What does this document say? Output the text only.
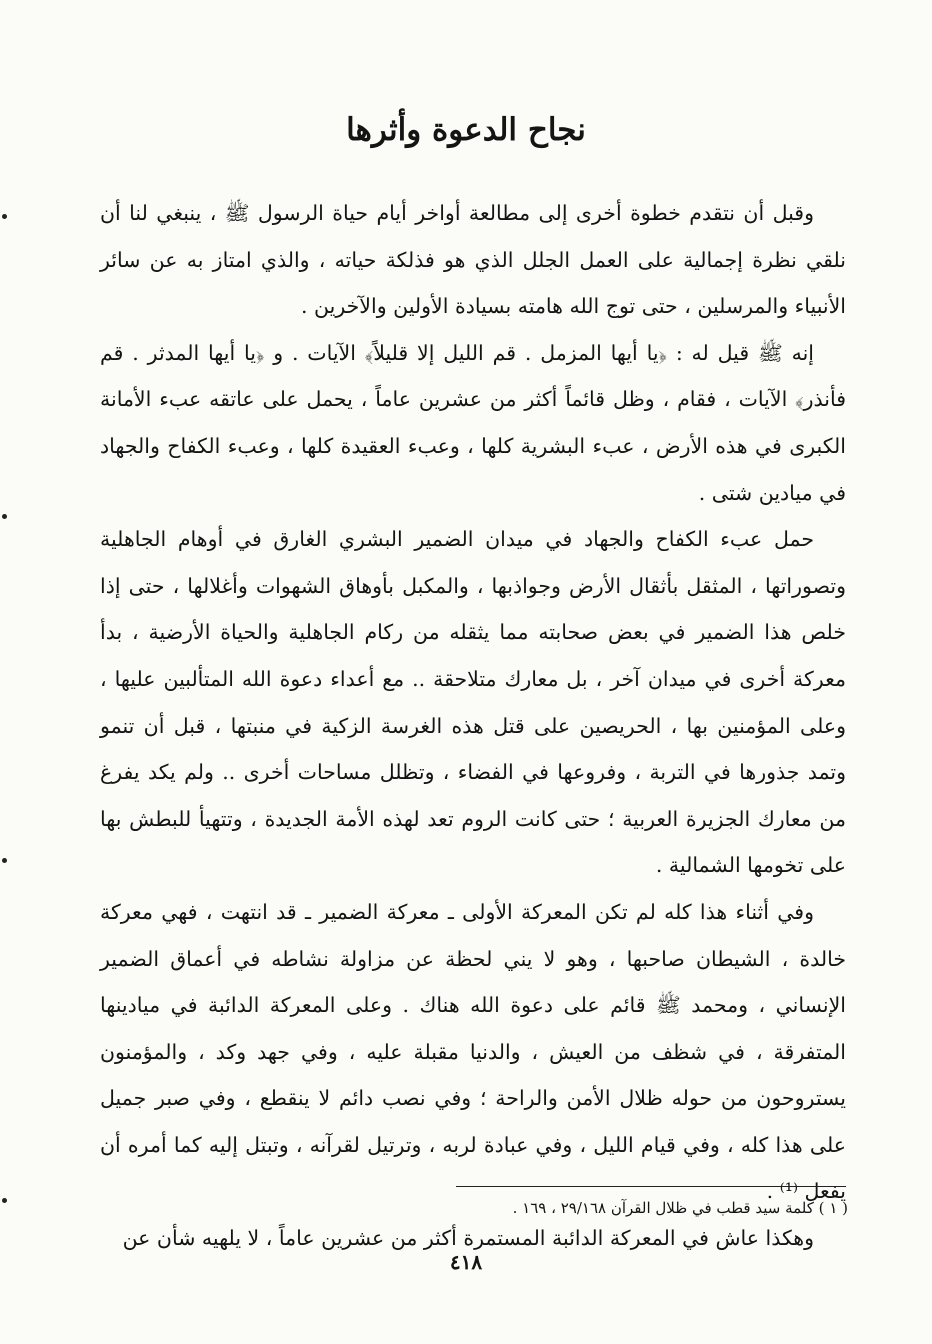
نجاح الدعوة وأثرها

وقبل أن نتقدم خطوة أخرى إلى مطالعة أواخر أيام حياة الرسول ﷺ ، ينبغي لنا أن نلقي نظرة إجمالية على العمل الجلل الذي هو فذلكة حياته ، والذي امتاز به عن سائر الأنبياء والمرسلين ، حتى توج الله هامته بسيادة الأولين والآخرين .

إنه ﷺ قيل له : ﴿يا أيها المزمل . قم الليل إلا قليلاً﴾ الآيات . و ﴿يا أيها المدثر . قم فأنذر﴾ الآيات ، فقام ، وظل قائماً أكثر من عشرين عاماً ، يحمل على عاتقه عبء الأمانة الكبرى في هذه الأرض ، عبء البشرية كلها ، وعبء العقيدة كلها ، وعبء الكفاح والجهاد في ميادين شتى .

حمل عبء الكفاح والجهاد في ميدان الضمير البشري الغارق في أوهام الجاهلية وتصوراتها ، المثقل بأثقال الأرض وجواذبها ، والمكبل بأوهاق الشهوات وأغلالها ، حتى إذا خلص هذا الضمير في بعض صحابته مما يثقله من ركام الجاهلية والحياة الأرضية ، بدأ معركة أخرى في ميدان آخر ، بل معارك متلاحقة .. مع أعداء دعوة الله المتألبين عليها ، وعلى المؤمنين بها ، الحريصين على قتل هذه الغرسة الزكية في منبتها ، قبل أن تنمو وتمد جذورها في التربة ، وفروعها في الفضاء ، وتظلل مساحات أخرى .. ولم يكد يفرغ من معارك الجزيرة العربية ؛ حتى كانت الروم تعد لهذه الأمة الجديدة ، وتتهيأ للبطش بها على تخومها الشمالية .

وفي أثناء هذا كله لم تكن المعركة الأولى ـ معركة الضمير ـ قد انتهت ، فهي معركة خالدة ، الشيطان صاحبها ، وهو لا يني لحظة عن مزاولة نشاطه في أعماق الضمير الإنساني ، ومحمد ﷺ قائم على دعوة الله هناك . وعلى المعركة الدائبة في ميادينها المتفرقة ، في شظف من العيش ، والدنيا مقبلة عليه ، وفي جهد وكد ، والمؤمنون يستروحون من حوله ظلال الأمن والراحة ؛ وفي نصب دائم لا ينقطع ، وفي صبر جميل على هذا كله ، وفي قيام الليل ، وفي عبادة لربه ، وترتيل لقرآنه ، وتبتل إليه كما أمره أن يفعل ⁽¹⁾ .

وهكذا عاش في المعركة الدائبة المستمرة أكثر من عشرين عاماً ، لا يلهيه شأن عن

( ١ ) كلمة سيد قطب في ظلال القرآن ٢٩/١٦٨ ، ١٦٩ .
٤١٨
